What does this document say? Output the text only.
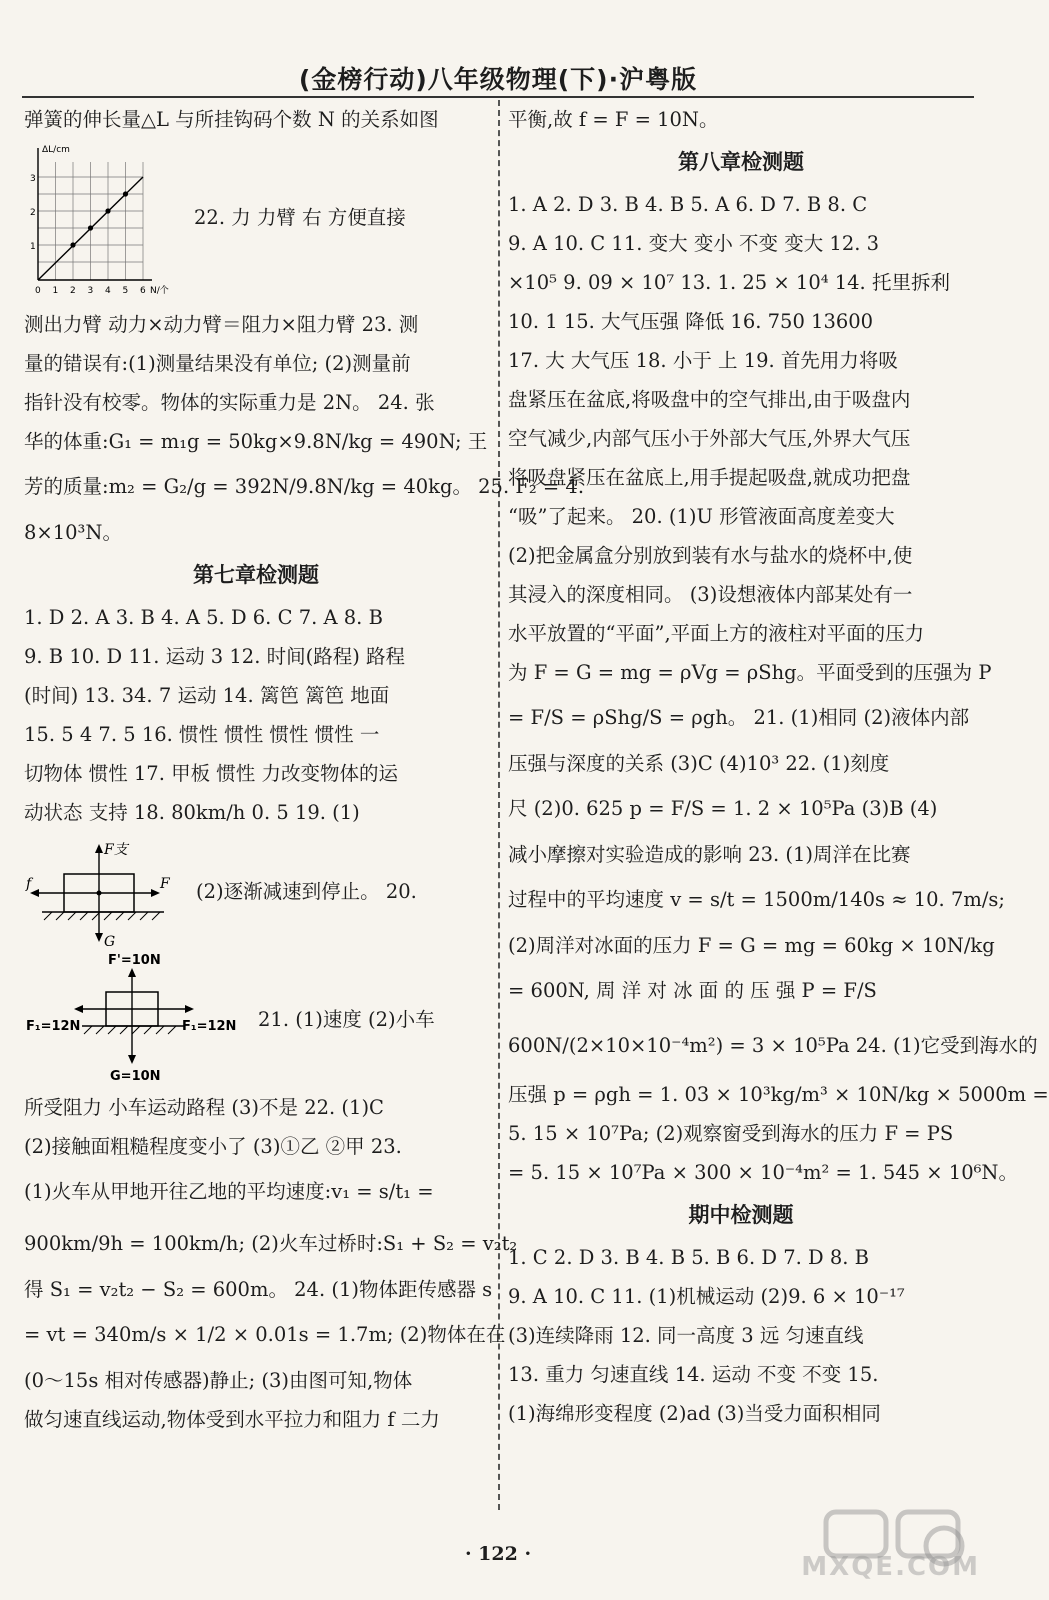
(金榜行动)八年级物理(下)·沪粤版
弹簧的伸长量△L 与所挂钩码个数 N 的关系如图
ΔL/cm
1
2
3
0 1 2 3 4 5 6 N/个
22. 力 力臂 右 方便直接
测出力臂 动力×动力臂＝阻力×阻力臂 23. 测
量的错误有:(1)测量结果没有单位; (2)测量前
指针没有校零。物体的实际重力是 2N。 24. 张
华的体重:G₁ = m₁g = 50kg×9.8N/kg = 490N; 王
芳的质量:m₂ = G₂/g = 392N/9.8N/kg = 40kg。 25. F₂ = 4.
8×10³N。
第七章检测题
1. D 2. A 3. B 4. A 5. D 6. C 7. A 8. B
9. B 10. D 11. 运动 3 12. 时间(路程) 路程
(时间) 13. 34. 7 运动 14. 篱笆 篱笆 地面
15. 5 4 7. 5 16. 惯性 惯性 惯性 惯性 一
切物体 惯性 17. 甲板 惯性 力改变物体的运
动状态 支持 18. 80km/h 0. 5 19. (1)
F支
f	F
G
(2)逐渐减速到停止。 20.
F'=10N
F₁=12N	F₁=12N
G=10N
21. (1)速度 (2)小车
所受阻力 小车运动路程 (3)不是 22. (1)C
(2)接触面粗糙程度变小了 (3)①乙 ②甲 23.
(1)火车从甲地开往乙地的平均速度:v₁ = s/t₁ =
900km/9h = 100km/h; (2)火车过桥时:S₁ + S₂ = v₂t₂
得 S₁ = v₂t₂ − S₂ = 600m。 24. (1)物体距传感器 s
= vt = 340m/s × 1/2 × 0.01s = 1.7m; (2)物体在在
(0～15s 相对传感器)静止; (3)由图可知,物体
做匀速直线运动,物体受到水平拉力和阻力 f 二力
平衡,故 f = F = 10N。
第八章检测题
1. A 2. D 3. B 4. B 5. A 6. D 7. B 8. C
9. A 10. C 11. 变大 变小 不变 变大 12. 3
×10⁵ 9. 09 × 10⁷ 13. 1. 25 × 10⁴ 14. 托里拆利
10. 1 15. 大气压强 降低 16. 750 13600
17. 大 大气压 18. 小于 上 19. 首先用力将吸
盘紧压在盆底,将吸盘中的空气排出,由于吸盘内
空气减少,内部气压小于外部大气压,外界大气压
将吸盘紧压在盆底上,用手提起吸盘,就成功把盘
“吸”了起来。 20. (1)U 形管液面高度差变大
(2)把金属盒分别放到装有水与盐水的烧杯中,使
其浸入的深度相同。 (3)设想液体内部某处有一
水平放置的“平面”,平面上方的液柱对平面的压力
为 F = G = mg = ρVg = ρShg。平面受到的压强为 P
= F/S = ρShg/S = ρgh。 21. (1)相同 (2)液体内部
压强与深度的关系 (3)C (4)10³ 22. (1)刻度
尺 (2)0. 625 p = F/S = 1. 2 × 10⁵Pa (3)B (4)
减小摩擦对实验造成的影响 23. (1)周洋在比赛
过程中的平均速度 v = s/t = 1500m/140s ≈ 10. 7m/s;
(2)周洋对冰面的压力 F = G = mg = 60kg × 10N/kg
= 600N, 周 洋 对 冰 面 的 压 强 P = F/S
600N/(2×10×10⁻⁴m²) = 3 × 10⁵Pa 24. (1)它受到海水的
压强 p = ρgh = 1. 03 × 10³kg/m³ × 10N/kg × 5000m =
5. 15 × 10⁷Pa; (2)观察窗受到海水的压力 F = PS
= 5. 15 × 10⁷Pa × 300 × 10⁻⁴m² = 1. 545 × 10⁶N。
期中检测题
1. C 2. D 3. B 4. B 5. B 6. D 7. D 8. B
9. A 10. C 11. (1)机械运动 (2)9. 6 × 10⁻¹⁷
(3)连续降雨 12. 同一高度 3 远 匀速直线
13. 重力 匀速直线 14. 运动 不变 不变 15.
(1)海绵形变程度 (2)ad (3)当受力面积相同
· 122 ·	MXQE.COM
